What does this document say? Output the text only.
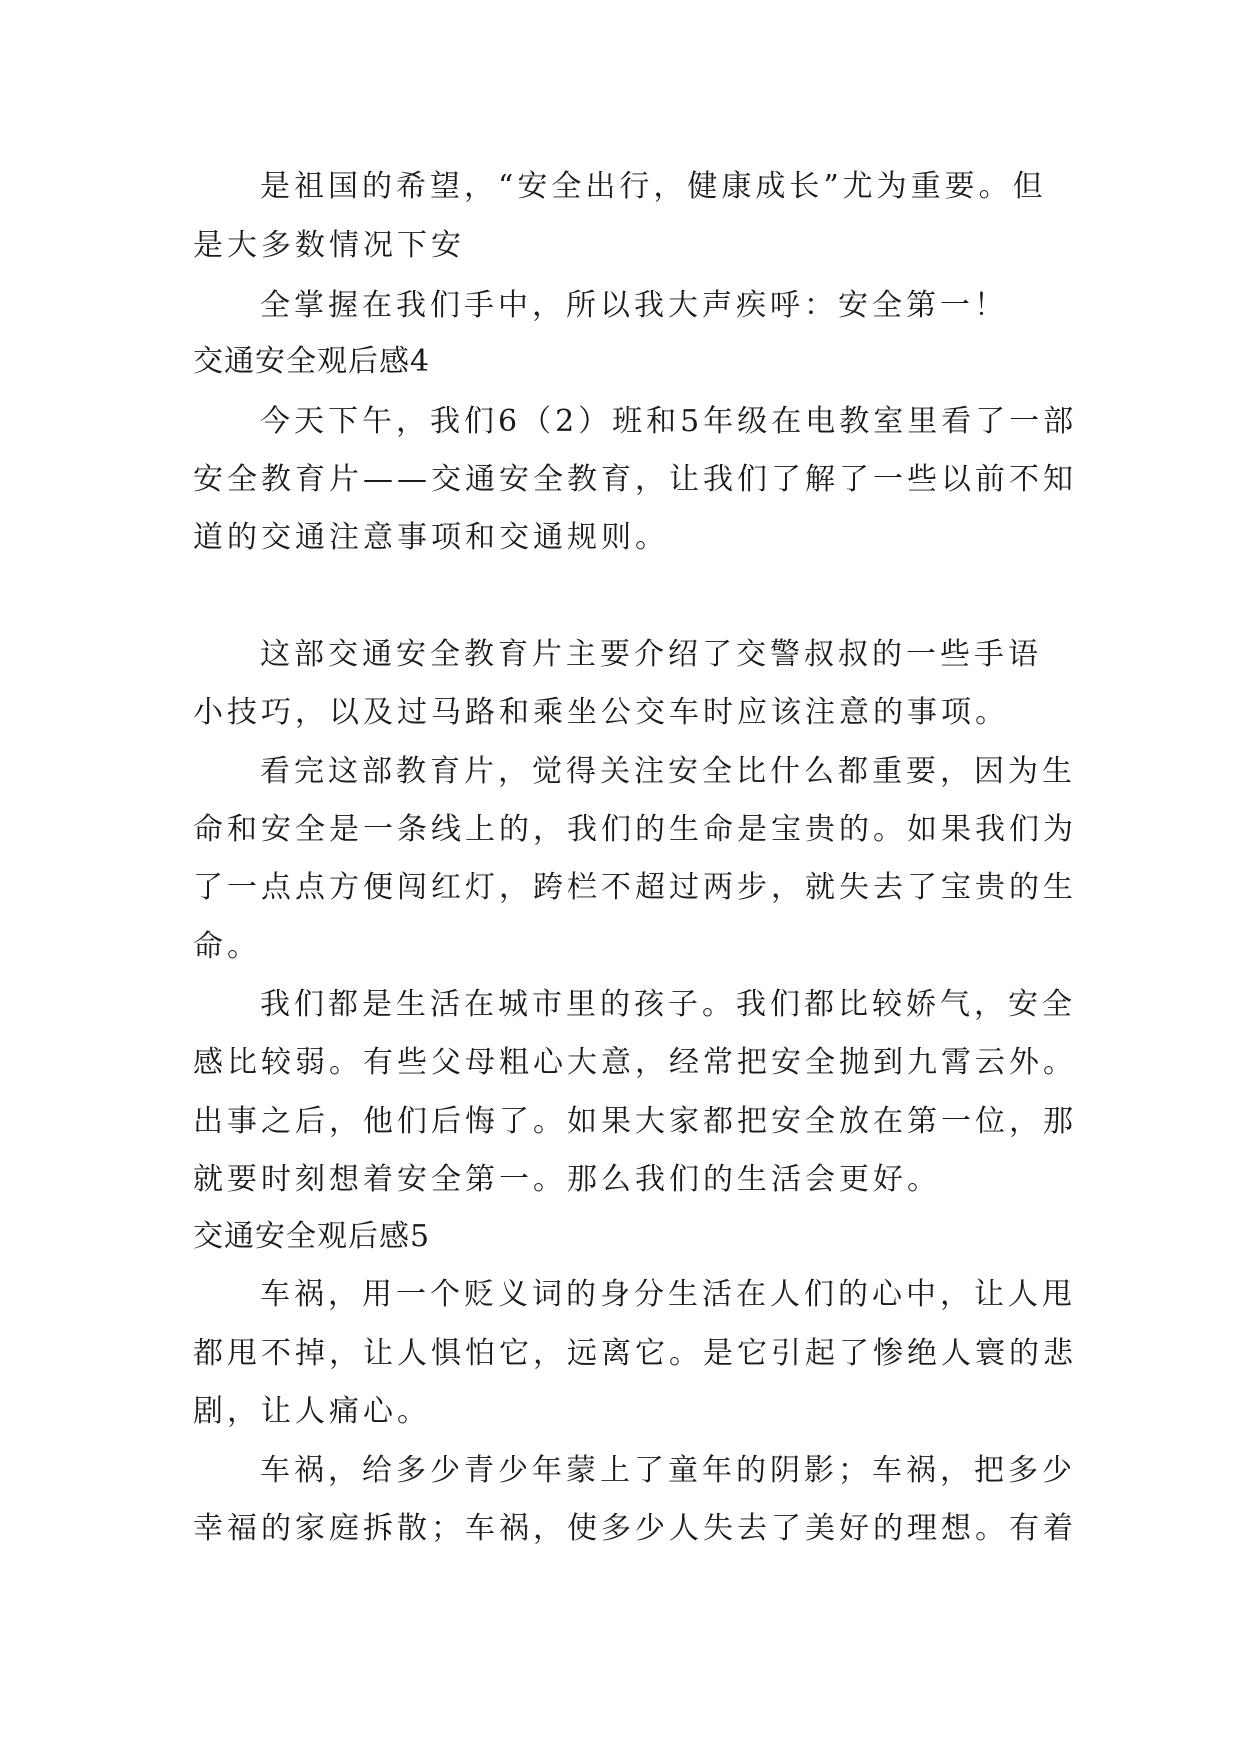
是祖国的希望，“安全出行，健康成长”尤为重要。但
是大多数情况下安
全掌握在我们手中，所以我大声疾呼：安全第一！
交通安全观后感4
今天下午，我们6（2）班和5年级在电教室里看了一部
安全教育片——交通安全教育，让我们了解了一些以前不知
道的交通注意事项和交通规则。
这部交通安全教育片主要介绍了交警叔叔的一些手语
小技巧，以及过马路和乘坐公交车时应该注意的事项。
看完这部教育片，觉得关注安全比什么都重要，因为生
命和安全是一条线上的，我们的生命是宝贵的。如果我们为
了一点点方便闯红灯，跨栏不超过两步，就失去了宝贵的生
命。
我们都是生活在城市里的孩子。我们都比较娇气，安全
感比较弱。有些父母粗心大意，经常把安全抛到九霄云外。
出事之后，他们后悔了。如果大家都把安全放在第一位，那
就要时刻想着安全第一。那么我们的生活会更好。
交通安全观后感5
车祸，用一个贬义词的身分生活在人们的心中，让人甩
都甩不掉，让人惧怕它，远离它。是它引起了惨绝人寰的悲
剧，让人痛心。
车祸，给多少青少年蒙上了童年的阴影；车祸，把多少
幸福的家庭拆散；车祸，使多少人失去了美好的理想。有着
